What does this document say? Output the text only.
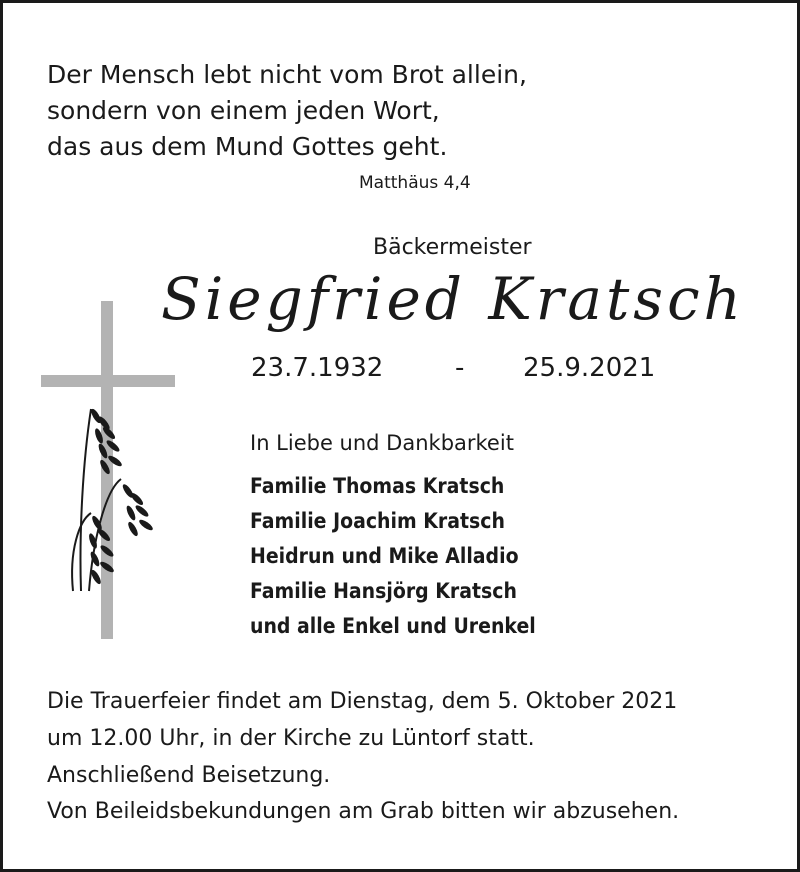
Der Mensch lebt nicht vom Brot allein,
sondern von einem jeden Wort,
das aus dem Mund Gottes geht.
Matthäus 4,4
Bäckermeister
Siegfried Kratsch
23.7.1932	- 25.9.2021
In Liebe und Dankbarkeit
Familie Thomas Kratsch
Familie Joachim Kratsch
Heidrun und Mike Alladio
Familie Hansjörg Kratsch
und alle Enkel und Urenkel
Die Trauerfeier findet am Dienstag, dem 5. Oktober 2021
um 12.00 Uhr, in der Kirche zu Lüntorf statt.
Anschließend Beisetzung.
Von Beileidsbekundungen am Grab bitten wir abzusehen.
